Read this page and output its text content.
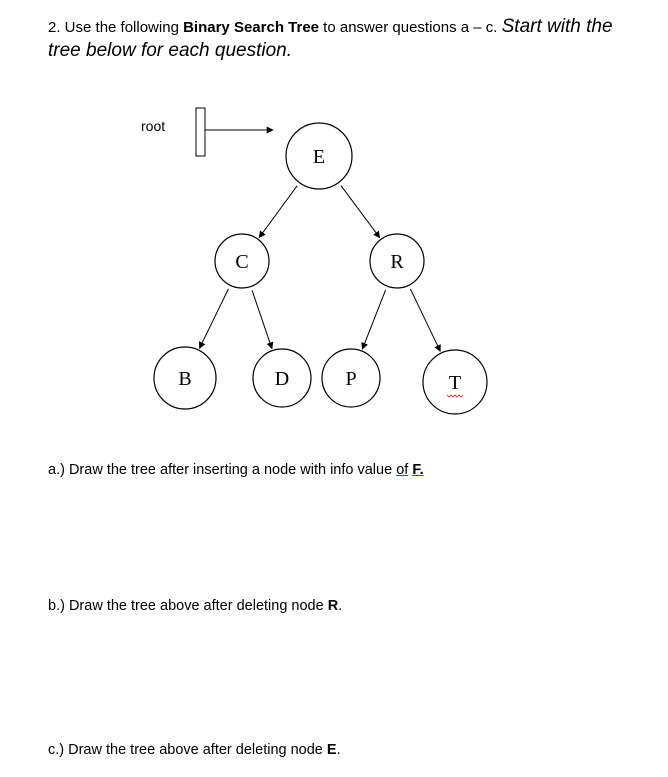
2. Use the following Binary Search Tree to answer questions a – c. Start with the
tree below for each question.
root
E
C	R
B	D	P	T
a.) Draw the tree after inserting a node with info value of F.
b.) Draw the tree above after deleting node R.
c.) Draw the tree above after deleting node E.
